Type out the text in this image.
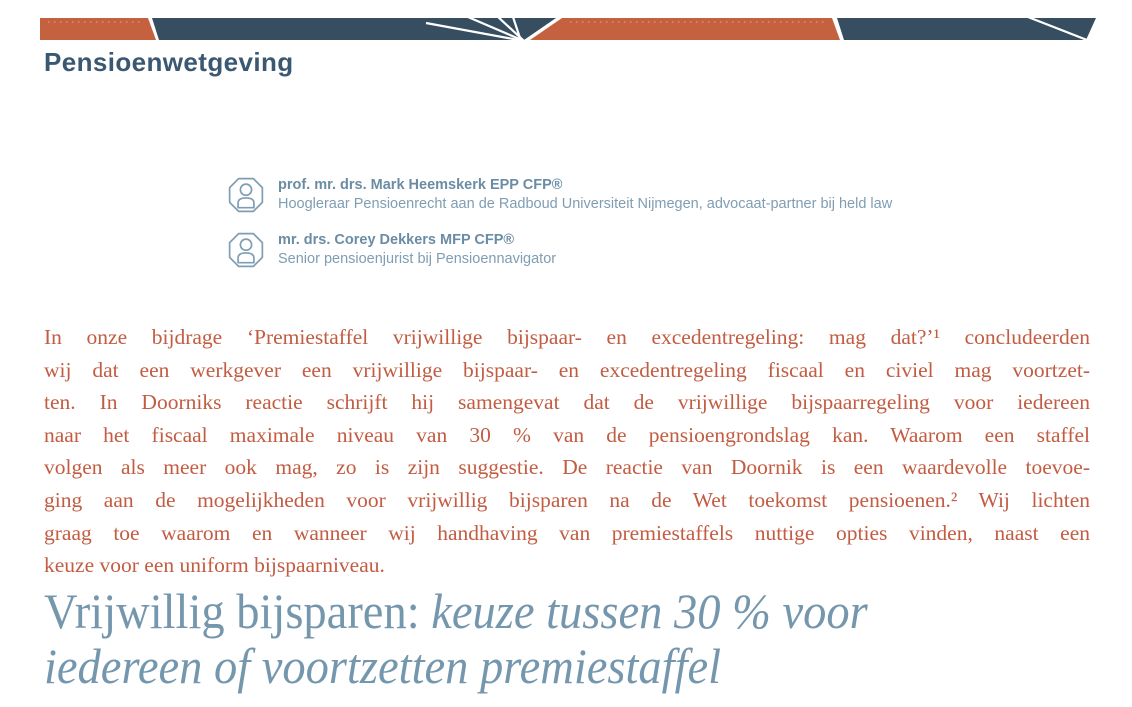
Pensioenwetgeving
prof. mr. drs. Mark Heemskerk EPP CFP®
Hoogleraar Pensioenrecht aan de Radboud Universiteit Nijmegen, advocaat-partner bij held law
mr. drs. Corey Dekkers MFP CFP®
Senior pensioenjurist bij Pensioennavigator
In onze bijdrage ‘Premiestaffel vrijwillige bijspaar- en excedentregeling: mag dat?’¹ concludeerden
wij dat een werkgever een vrijwillige bijspaar- en excedentregeling fiscaal en civiel mag voortzet-
ten. In Doorniks reactie schrijft hij samengevat dat de vrijwillige bijspaarregeling voor iedereen
naar het fiscaal maximale niveau van 30 % van de pensioengrondslag kan. Waarom een staffel
volgen als meer ook mag, zo is zijn suggestie. De reactie van Doornik is een waardevolle toevoe-
ging aan de mogelijkheden voor vrijwillig bijsparen na de Wet toekomst pensioenen.² Wij lichten
graag toe waarom en wanneer wij handhaving van premiestaffels nuttige opties vinden, naast een
keuze voor een uniform bijspaarniveau.
Vrijwillig bijsparen: keuze tussen 30 % voor
iedereen of voortzetten premiestaffel
